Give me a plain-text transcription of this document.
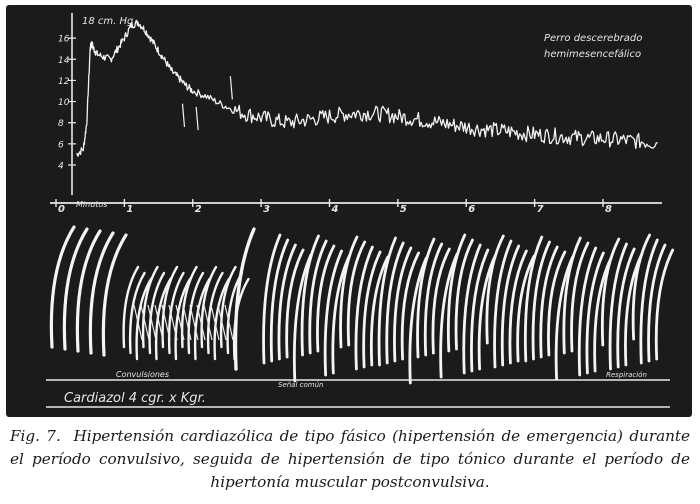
16
14
12
10
8
6
4
0	1	2	3	4	5	6	7	8
18 cm. Hg
Minutos
Perro descerebrado
hemimesencefálico
Convulsiones
Señal común
Respiración
Cardiazol 4 cgr. x Kgr.
Fig. 7. Hipertensión cardiazólica de tipo fásico (hipertensión de emergencia) durante el período convulsivo, seguida de hipertensión de tipo tónico durante el período de hipertonía muscular postconvulsiva.
